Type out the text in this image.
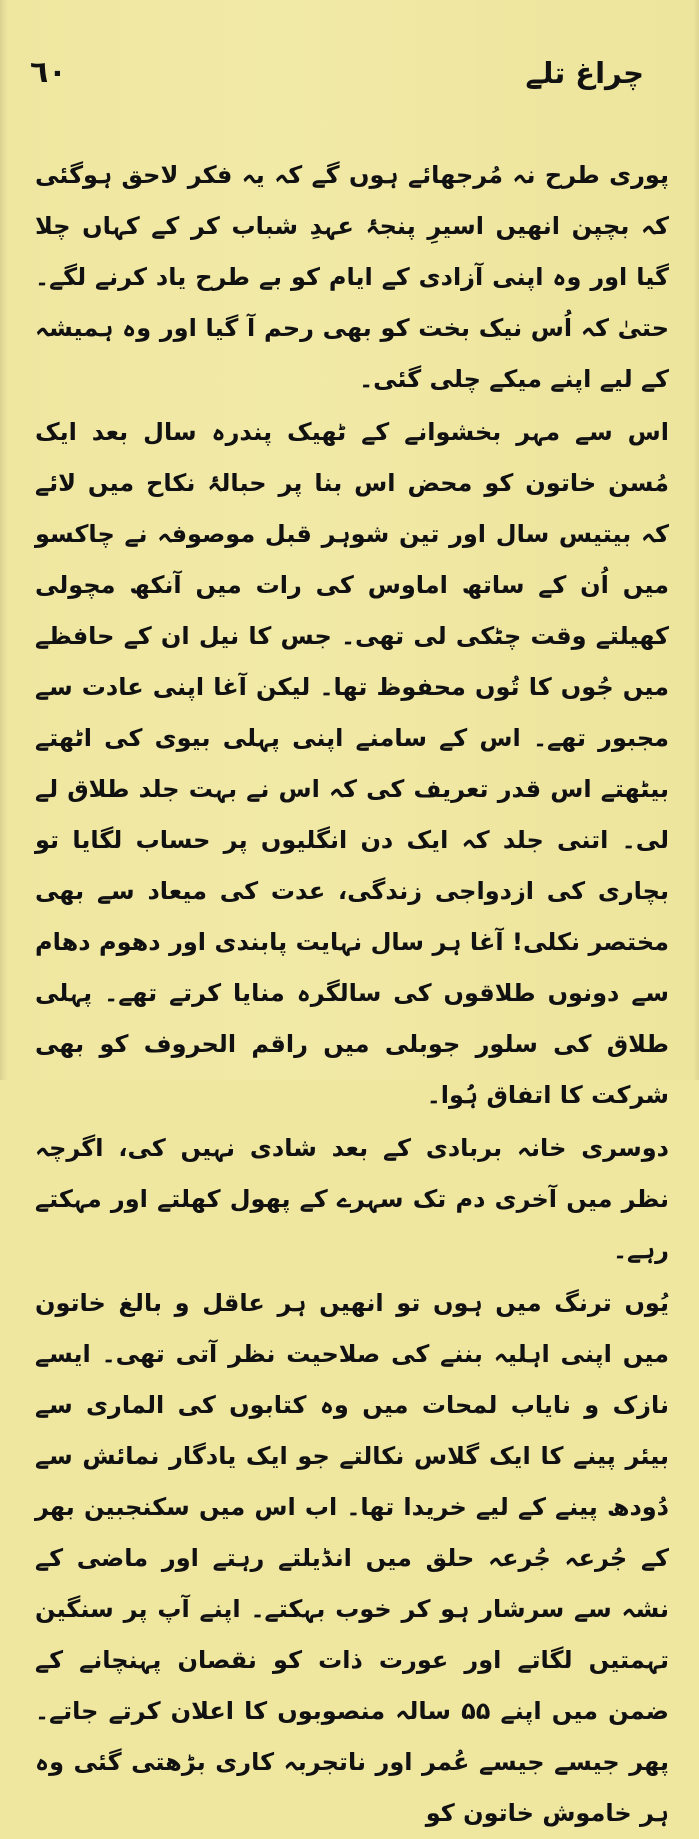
٦٠	چراغ تلے

پوری طرح نہ مُرجھائے ہوں گے کہ یہ فکر لاحق ہوگئی کہ بچپن انھیں اسیرِ پنجۂ عہدِ شباب کر کے کہاں چلا گیا اور وہ اپنی آزادی کے ایام کو بے طرح یاد کرنے لگے۔ حتیٰ کہ اُس نیک بخت کو بھی رحم آ گیا اور وہ ہمیشہ کے لیے اپنے میکے چلی گئی۔

اس سے مہر بخشوانے کے ٹھیک پندرہ سال بعد ایک مُسن خاتون کو محض اس بنا پر حبالۂ نکاح میں لائے کہ بیتیس سال اور تین شوہر قبل موصوفہ نے چاکسو میں اُن کے ساتھ اماوس کی رات میں آنکھ مچولی کھیلتے وقت چٹکی لی تھی۔ جس کا نیل ان کے حافظے میں جُوں کا تُوں محفوظ تھا۔ لیکن آغا اپنی عادت سے مجبور تھے۔ اس کے سامنے اپنی پہلی بیوی کی اٹھتے بیٹھتے اس قدر تعریف کی کہ اس نے بہت جلد طلاق لے لی۔ اتنی جلد کہ ایک دن انگلیوں پر حساب لگایا تو بچاری کی ازدواجی زندگی، عدت کی میعاد سے بھی مختصر نکلی! آغا ہر سال نہایت پابندی اور دھوم دھام سے دونوں طلاقوں کی سالگرہ منایا کرتے تھے۔ پہلی طلاق کی سلور جوبلی میں راقم الحروف کو بھی شرکت کا اتفاق ہُوا۔

دوسری خانہ بربادی کے بعد شادی نہیں کی، اگرچہ نظر میں آخری دم تک سہرے کے پھول کھلتے اور مہکتے رہے۔

یُوں ترنگ میں ہوں تو انھیں ہر عاقل و بالغ خاتون میں اپنی اہلیہ بننے کی صلاحیت نظر آتی تھی۔ ایسے نازک و نایاب لمحات میں وہ کتابوں کی الماری سے بیئر پینے کا ایک گلاس نکالتے جو ایک یادگار نمائش سے دُودھ پینے کے لیے خریدا تھا۔ اب اس میں سکنجبین بھر کے جُرعہ جُرعہ حلق میں انڈیلتے رہتے اور ماضی کے نشہ سے سرشار ہو کر خوب بہکتے۔ اپنے آپ پر سنگین تہمتیں لگاتے اور عورت ذات کو نقصان پہنچانے کے ضمن میں اپنے ۵۵ سالہ منصوبوں کا اعلان کرتے جاتے۔ پھر جیسے جیسے عُمر اور ناتجربہ کاری بڑھتی گئی وہ ہر خاموش خاتون کو
